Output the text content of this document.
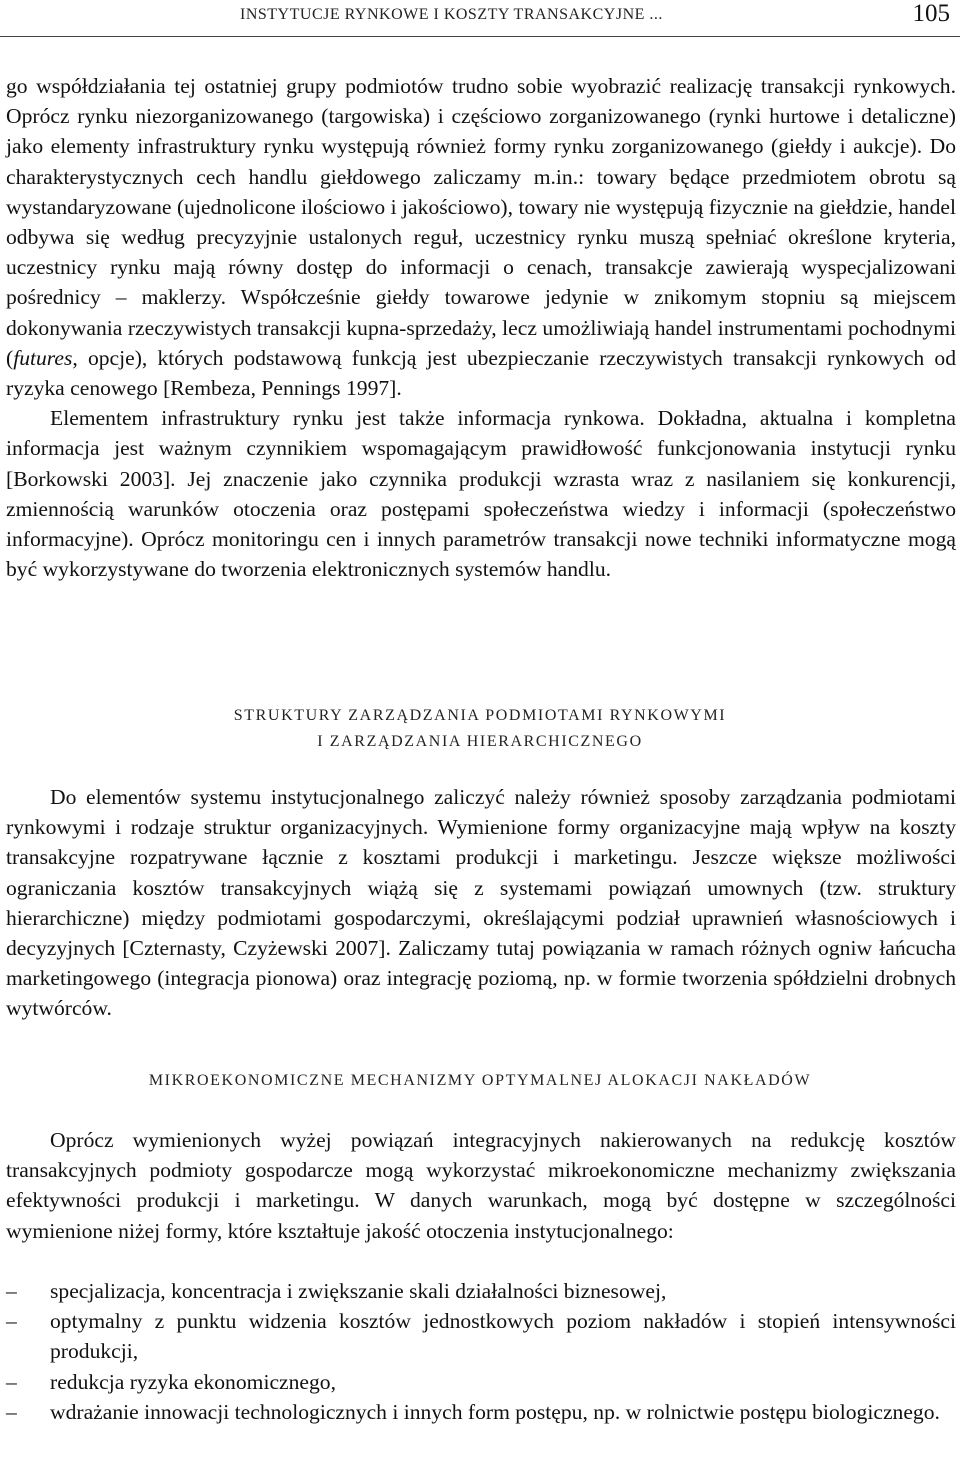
INSTYTUCJE RYNKOWE I KOSZTY TRANSAKCYJNE ...	105

go współdziałania tej ostatniej grupy podmiotów trudno sobie wyobrazić realizację transakcji rynkowych. Oprócz rynku niezorganizowanego (targowiska) i częściowo zorganizowanego (rynki hurtowe i detaliczne) jako elementy infrastruktury rynku występują również formy rynku zorganizowanego (giełdy i aukcje). Do charakterystycznych cech handlu giełdowego zaliczamy m.in.: towary będące przedmiotem obrotu są wystandaryzowane (ujednolicone ilościowo i jakościowo), towary nie występują fizycznie na giełdzie, handel odbywa się według precyzyjnie ustalonych reguł, uczestnicy rynku muszą spełniać określone kryteria, uczestnicy rynku mają równy dostęp do informacji o cenach, transakcje zawierają wyspecjalizowani pośrednicy – maklerzy. Współcześnie giełdy towarowe jedynie w znikomym stopniu są miejscem dokonywania rzeczywistych transakcji kupna-sprzedaży, lecz umożliwiają handel instrumentami pochodnymi (futures, opcje), których podstawową funkcją jest ubezpieczanie rzeczywistych transakcji rynkowych od ryzyka cenowego [Rembeza, Pennings 1997].

Elementem infrastruktury rynku jest także informacja rynkowa. Dokładna, aktualna i kompletna informacja jest ważnym czynnikiem wspomagającym prawidłowość funkcjonowania instytucji rynku [Borkowski 2003]. Jej znaczenie jako czynnika produkcji wzrasta wraz z nasilaniem się konkurencji, zmiennością warunków otoczenia oraz postępami społeczeństwa wiedzy i informacji (społeczeństwo informacyjne). Oprócz monitoringu cen i innych parametrów transakcji nowe techniki informatyczne mogą być wykorzystywane do tworzenia elektronicznych systemów handlu.

STRUKTURY ZARZĄDZANIA PODMIOTAMI RYNKOWYMI
I ZARZĄDZANIA HIERARCHICZNEGO

Do elementów systemu instytucjonalnego zaliczyć należy również sposoby zarządzania podmiotami rynkowymi i rodzaje struktur organizacyjnych. Wymienione formy organizacyjne mają wpływ na koszty transakcyjne rozpatrywane łącznie z kosztami produkcji i marketingu. Jeszcze większe możliwości ograniczania kosztów transakcyjnych wiążą się z systemami powiązań umownych (tzw. struktury hierarchiczne) między podmiotami gospodarczymi, określającymi podział uprawnień własnościowych i decyzyjnych [Czternasty, Czyżewski 2007]. Zaliczamy tutaj powiązania w ramach różnych ogniw łańcucha marketingowego (integracja pionowa) oraz integrację poziomą, np. w formie tworzenia spółdzielni drobnych wytwórców.

MIKROEKONOMICZNE MECHANIZMY OPTYMALNEJ ALOKACJI NAKŁADÓW

Oprócz wymienionych wyżej powiązań integracyjnych nakierowanych na redukcję kosztów transakcyjnych podmioty gospodarcze mogą wykorzystać mikroekonomiczne mechanizmy zwiększania efektywności produkcji i marketingu. W danych warunkach, mogą być dostępne w szczególności wymienione niżej formy, które kształtuje jakość otoczenia instytucjonalnego:

– specjalizacja, koncentracja i zwiększanie skali działalności biznesowej,
– optymalny z punktu widzenia kosztów jednostkowych poziom nakładów i stopień intensywności produkcji,
– redukcja ryzyka ekonomicznego,
– wdrażanie innowacji technologicznych i innych form postępu, np. w rolnictwie postępu biologicznego.
